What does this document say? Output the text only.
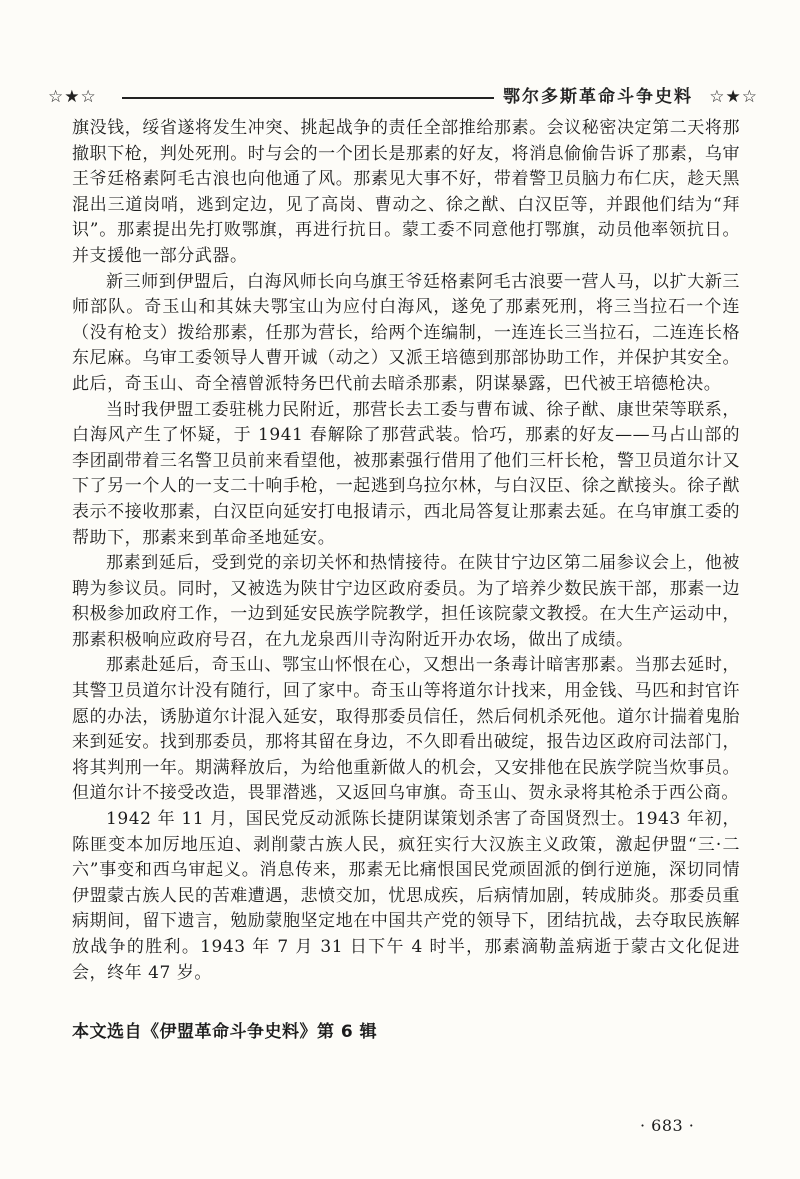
☆★☆	鄂尔多斯革命斗争史料 ☆★☆

旗没钱，绥省遂将发生冲突、挑起战争的责任全部推给那素。会议秘密决定第二天将那撤职下枪，判处死刑。时与会的一个团长是那素的好友，将消息偷偷告诉了那素，乌审王爷廷格素阿毛古浪也向他通了风。那素见大事不好，带着警卫员脑力布仁庆，趁天黑混出三道岗哨，逃到定边，见了高岗、曹动之、徐之猷、白汉臣等，并跟他们结为“拜识”。那素提出先打败鄂旗，再进行抗日。蒙工委不同意他打鄂旗，动员他率领抗日。并支援他一部分武器。

新三师到伊盟后，白海风师长向乌旗王爷廷格素阿毛古浪要一营人马，以扩大新三师部队。奇玉山和其妹夫鄂宝山为应付白海风，遂免了那素死刑，将三当拉石一个连（没有枪支）拨给那素，任那为营长，给两个连编制，一连连长三当拉石，二连连长格东尼麻。乌审工委领导人曹开诚（动之）又派王培德到那部协助工作，并保护其安全。此后，奇玉山、奇全禧曾派特务巴代前去暗杀那素，阴谋暴露，巴代被王培德枪决。

当时我伊盟工委驻桃力民附近，那营长去工委与曹布诚、徐子猷、康世荣等联系，白海风产生了怀疑，于 1941 春解除了那营武装。恰巧，那素的好友——马占山部的李团副带着三名警卫员前来看望他，被那素强行借用了他们三杆长枪，警卫员道尔计又下了另一个人的一支二十响手枪，一起逃到乌拉尔林，与白汉臣、徐之猷接头。徐子猷表示不接收那素，白汉臣向延安打电报请示，西北局答复让那素去延。在乌审旗工委的帮助下，那素来到革命圣地延安。

那素到延后，受到党的亲切关怀和热情接待。在陕甘宁边区第二届参议会上，他被聘为参议员。同时，又被选为陕甘宁边区政府委员。为了培养少数民族干部，那素一边积极参加政府工作，一边到延安民族学院教学，担任该院蒙文教授。在大生产运动中，那素积极响应政府号召，在九龙泉西川寺沟附近开办农场，做出了成绩。

那素赴延后，奇玉山、鄂宝山怀恨在心，又想出一条毒计暗害那素。当那去延时，其警卫员道尔计没有随行，回了家中。奇玉山等将道尔计找来，用金钱、马匹和封官许愿的办法，诱胁道尔计混入延安，取得那委员信任，然后伺机杀死他。道尔计揣着鬼胎来到延安。找到那委员，那将其留在身边，不久即看出破绽，报告边区政府司法部门，将其判刑一年。期满释放后，为给他重新做人的机会，又安排他在民族学院当炊事员。但道尔计不接受改造，畏罪潜逃，又返回乌审旗。奇玉山、贺永录将其枪杀于西公商。

1942 年 11 月，国民党反动派陈长捷阴谋策划杀害了奇国贤烈士。1943 年初，陈匪变本加厉地压迫、剥削蒙古族人民，疯狂实行大汉族主义政策，激起伊盟“三·二六”事变和西乌审起义。消息传来，那素无比痛恨国民党顽固派的倒行逆施，深切同情伊盟蒙古族人民的苦难遭遇，悲愤交加，忧思成疾，后病情加剧，转成肺炎。那委员重病期间，留下遗言，勉励蒙胞坚定地在中国共产党的领导下，团结抗战，去夺取民族解放战争的胜利。1943 年 7 月 31 日下午 4 时半，那素滴勒盖病逝于蒙古文化促进会，终年 47 岁。

本文选自《伊盟革命斗争史料》第 6 辑
· 683 ·
